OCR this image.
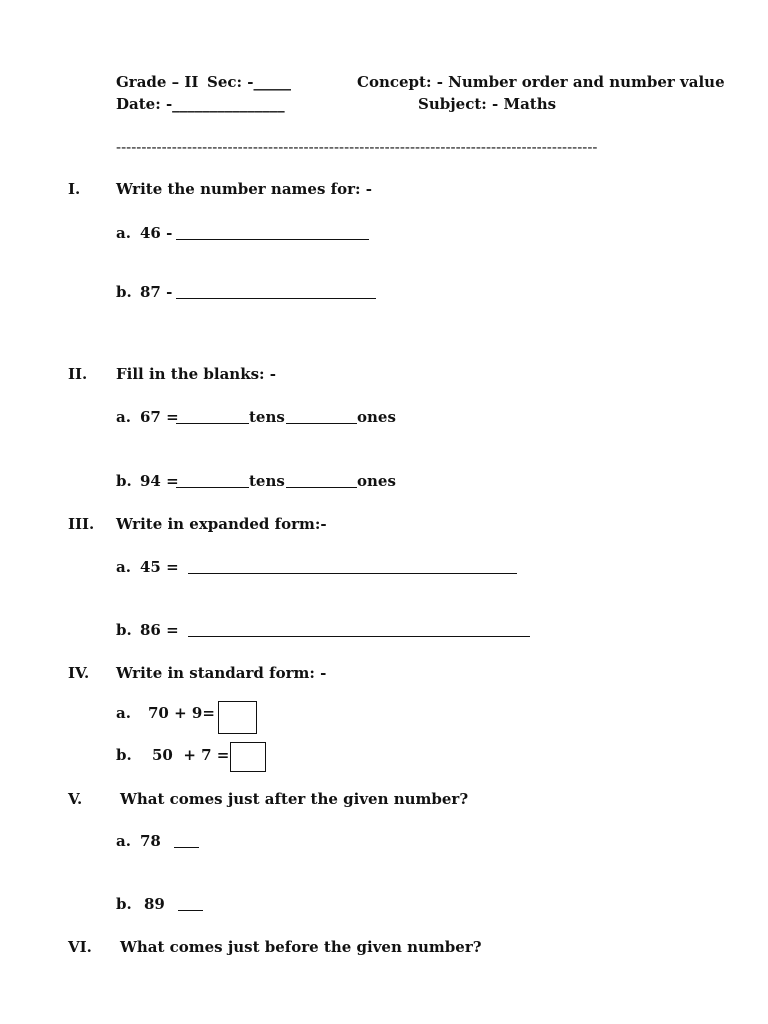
Grade – II Sec: -_____	Concept: - Number order and number value
Date: -_______________	Subject: - Maths
-----------------------------------------------------------------------------------------------
I. Write the number names for: -
a. 46 -
b. 87 -
II. Fill in the blanks: -
a. 67 =	tens	ones
b. 94 =	tens	ones
III. Write in expanded form:-
a. 45 =
b. 86 =
IV. Write in standard form: -
a. 70 + 9=
b. 50  + 7 =
V.	What comes just after the given number?
a. 78
b. 89
VI. What comes just before the given number?
